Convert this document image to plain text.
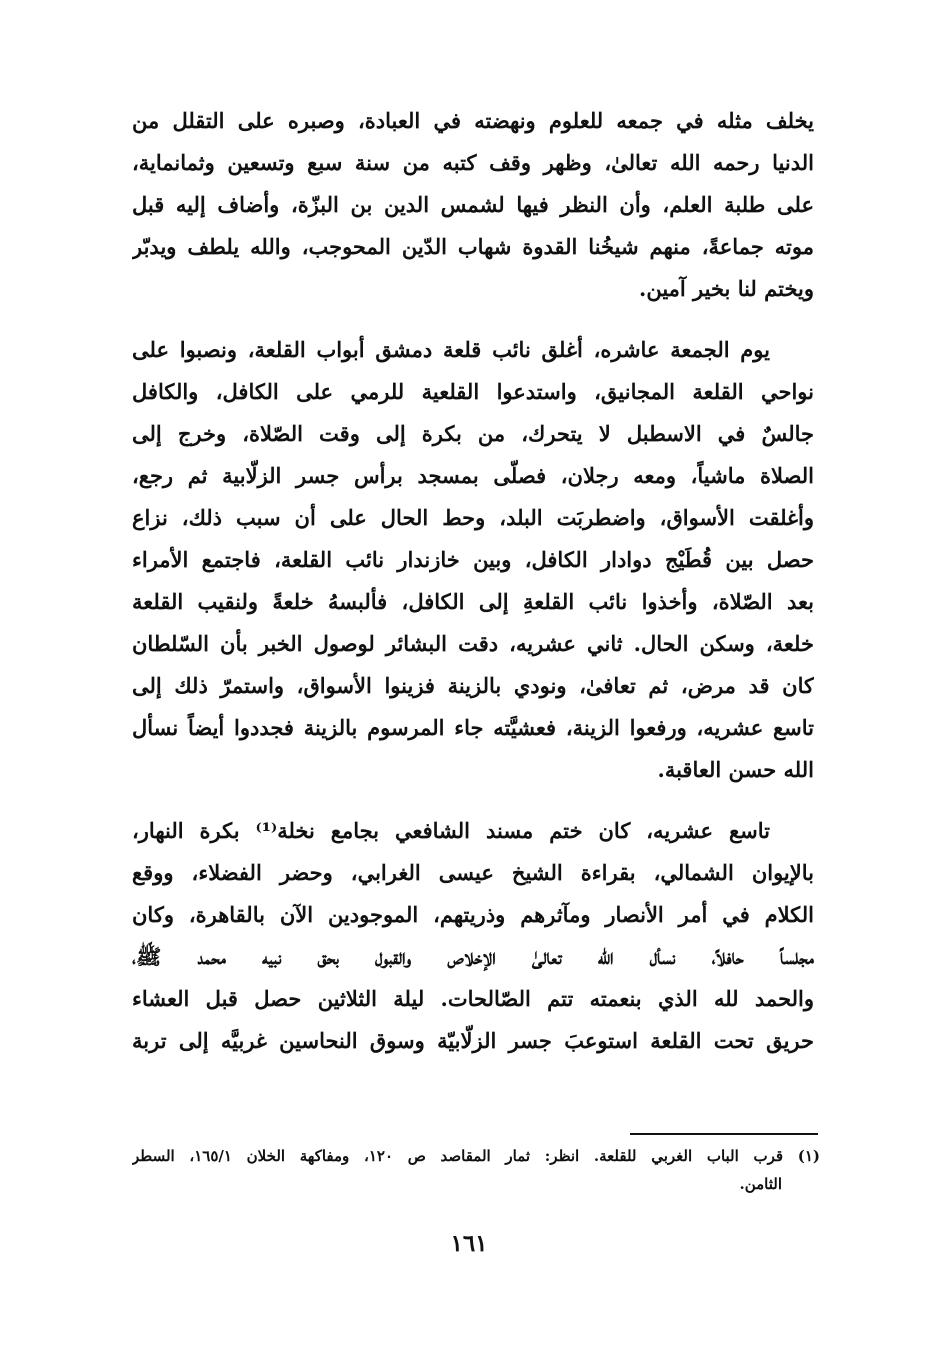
يخلف مثله في جمعه للعلوم ونهضته في العبادة، وصبره على التقلل من
الدنيا رحمه الله تعالىٰ، وظهر وقف كتبه من سنة سبع وتسعين وثمانماية،
على طلبة العلم، وأن النظر فيها لشمس الدين بن البزّة، وأضاف إليه قبل
موته جماعةً، منهم شيخُنا القدوة شهاب الدّين المحوجب، والله يلطف ويدبّر
ويختم لنا بخير آمين.
يوم الجمعة عاشره، أغلق نائب قلعة دمشق أبواب القلعة، ونصبوا على
نواحي القلعة المجانيق، واستدعوا القلعية للرمي على الكافل، والكافل
جالسٌ في الاسطبل لا يتحرك، من بكرة إلى وقت الصّلاة، وخرج إلى
الصلاة ماشياً، ومعه رجلان، فصلّى بمسجد برأس جسر الزلّابية ثم رجع،
وأغلقت الأسواق، واضطربَت البلد، وحط الحال على أن سبب ذلك، نزاع
حصل بين قُطَيْج دوادار الكافل، وبين خازندار نائب القلعة، فاجتمع الأمراء
بعد الصّلاة، وأخذوا نائب القلعةِ إلى الكافل، فألبسهُ خلعةً ولنقيب القلعة
خلعة، وسكن الحال. ثاني عشريه، دقت البشائر لوصول الخبر بأن السّلطان
كان قد مرض، ثم تعافىٰ، ونودي بالزينة فزينوا الأسواق، واستمرّ ذلك إلى
تاسع عشريه، ورفعوا الزينة، فعشيَّته جاء المرسوم بالزينة فجددوا أيضاً نسأل
الله حسن العاقبة.
تاسع عشريه، كان ختم مسند الشافعي بجامع نخلة⁽¹⁾ بكرة النهار،
بالإيوان الشمالي، بقراءة الشيخ عيسى الغرابي، وحضر الفضلاء، ووقع
الكلام في أمر الأنصار ومآثرهم وذريتهم، الموجودين الآن بالقاهرة، وكان
مجلساً حافلاً، نسأل الله تعالىٰ الإخلاص والقبول بحق نبيه محمد ﷺ،
والحمد لله الذي بنعمته تتم الصّالحات. ليلة الثلاثين حصل قبل العشاء
حريق تحت القلعة استوعبَ جسر الزلّابيّة وسوق النحاسين غربيَّه إلى تربة
(١) قرب الباب الغربي للقلعة. انظر: ثمار المقاصد ص ١٢٠، ومفاكهة الخلان ١٦٥/١، السطر
الثامن.
١٦١
